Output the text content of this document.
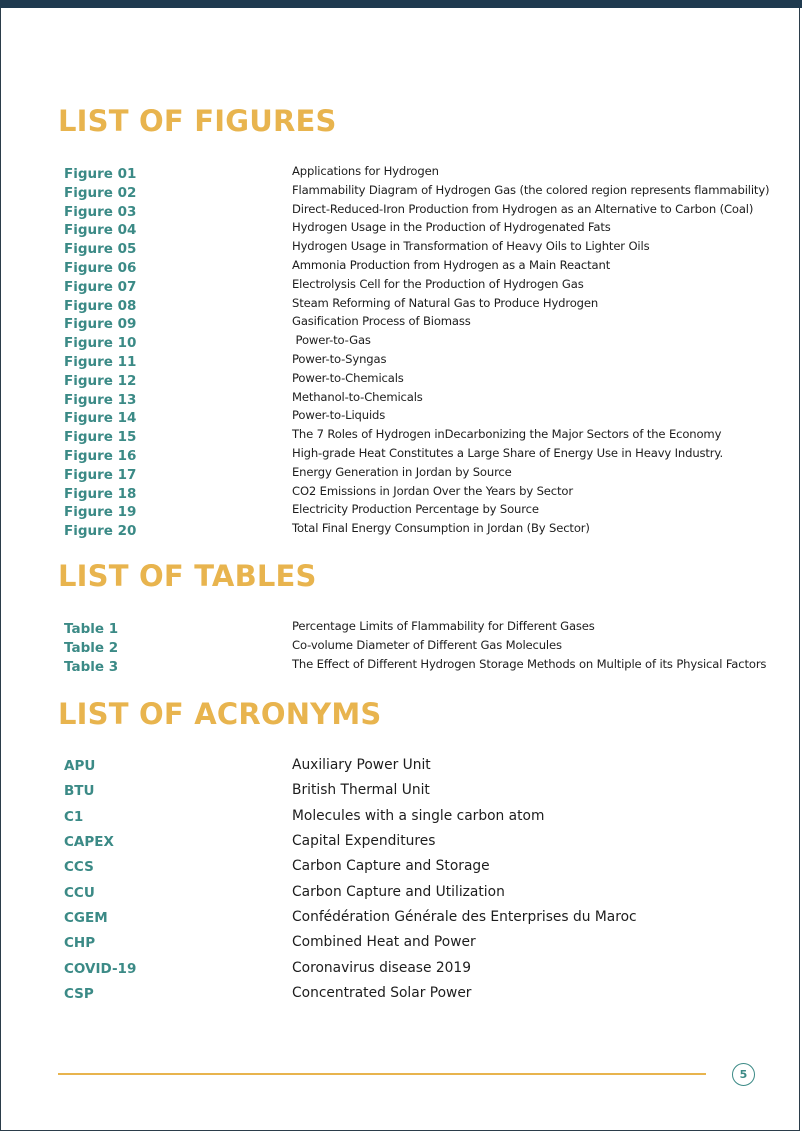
LIST OF FIGURES
Figure 01	Applications for Hydrogen
Figure 02	Flammability Diagram of Hydrogen Gas (the colored region represents flammability)
Figure 03	Direct-Reduced-Iron Production from Hydrogen as an Alternative to Carbon (Coal)
Figure 04	Hydrogen Usage in the Production of Hydrogenated Fats
Figure 05	Hydrogen Usage in Transformation of Heavy Oils to Lighter Oils
Figure 06	Ammonia Production from Hydrogen as a Main Reactant
Figure 07	Electrolysis Cell for the Production of Hydrogen Gas
Figure 08	Steam Reforming of Natural Gas to Produce Hydrogen
Figure 09	Gasification Process of Biomass
Figure 10	Power-to-Gas
Figure 11	Power-to-Syngas
Figure 12	Power-to-Chemicals
Figure 13	Methanol-to-Chemicals
Figure 14	Power-to-Liquids
Figure 15	The 7 Roles of Hydrogen inDecarbonizing the Major Sectors of the Economy
Figure 16	High-grade Heat Constitutes a Large Share of Energy Use in Heavy Industry.
Figure 17	Energy Generation in Jordan by Source
Figure 18	CO2 Emissions in Jordan Over the Years by Sector
Figure 19	Electricity Production Percentage by Source
Figure 20	Total Final Energy Consumption in Jordan (By Sector)
LIST OF TABLES
Table 1	Percentage Limits of Flammability for Different Gases
Table 2	Co-volume Diameter of Different Gas Molecules
Table 3	The Effect of Different Hydrogen Storage Methods on Multiple of its Physical Factors
LIST OF ACRONYMS
APU	Auxiliary Power Unit
BTU	British Thermal Unit
C1	Molecules with a single carbon atom
CAPEX	Capital Expenditures
CCS	Carbon Capture and Storage
CCU	Carbon Capture and Utilization
CGEM	Confédération Générale des Enterprises du Maroc
CHP	Combined Heat and Power
COVID-19	Coronavirus disease 2019
CSP	Concentrated Solar Power
5
